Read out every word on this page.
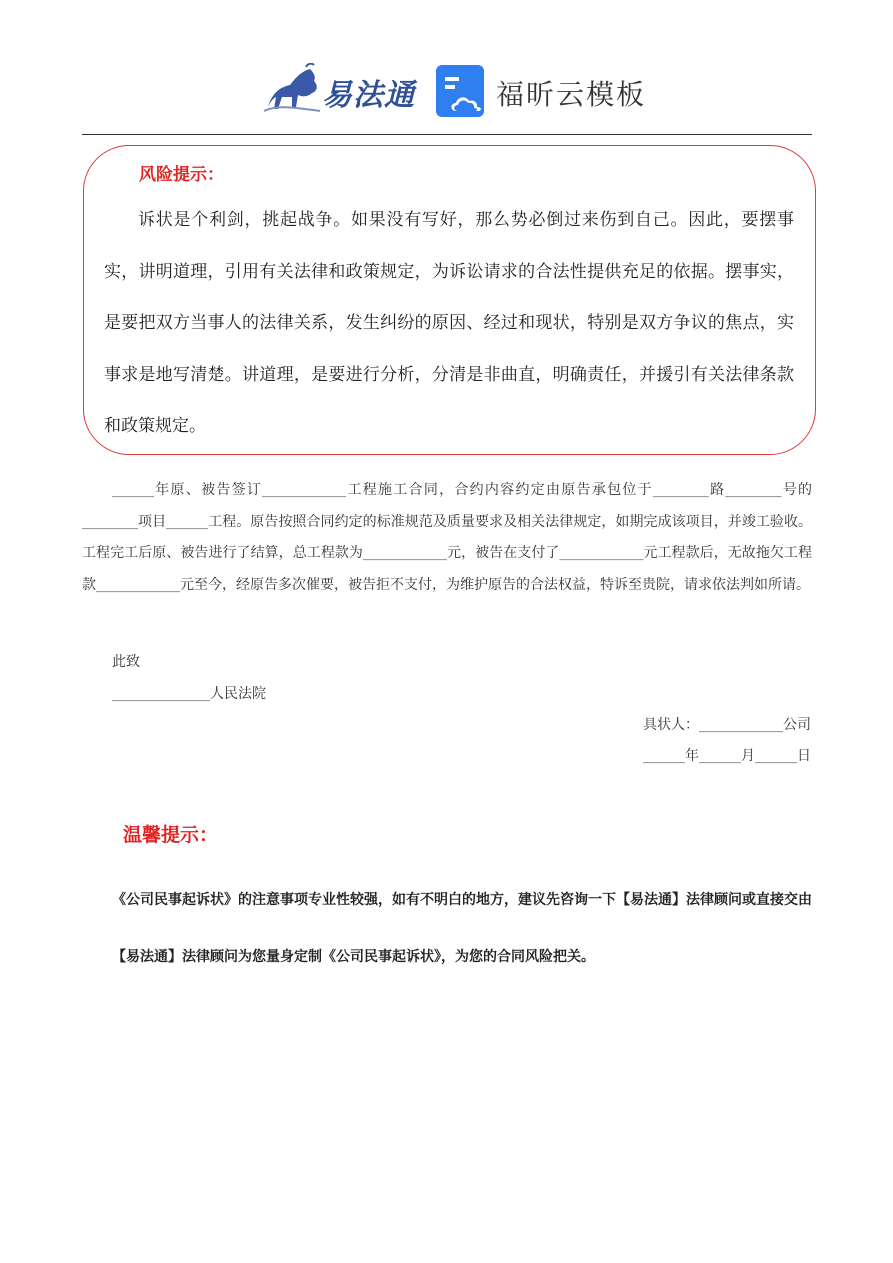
易法通	福昕云模板
风险提示：

诉状是个利剑，挑起战争。如果没有写好，那么势必倒过来伤到自己。因此，要摆事实，讲明道理，引用有关法律和政策规定，为诉讼请求的合法性提供充足的依据。摆事实，是要把双方当事人的法律关系，发生纠纷的原因、经过和现状，特别是双方争议的焦点，实事求是地写清楚。讲道理，是要进行分析，分清是非曲直，明确责任，并援引有关法律条款和政策规定。

______年原、被告签订____________工程施工合同，合约内容约定由原告承包位于________路________号的________项目______工程。原告按照合同约定的标准规范及质量要求及相关法律规定，如期完成该项目，并竣工验收。工程完工后原、被告进行了结算，总工程款为____________元，被告在支付了____________元工程款后，无故拖欠工程款____________元至今，经原告多次催要，被告拒不支付，为维护原告的合法权益，特诉至贵院，请求依法判如所请。

此致
______________人民法院
具状人：____________公司
______年______月______日
温馨提示：

《公司民事起诉状》的注意事项专业性较强，如有不明白的地方，建议先咨询一下【易法通】法律顾问或直接交由【易法通】法律顾问为您量身定制《公司民事起诉状》，为您的合同风险把关。
